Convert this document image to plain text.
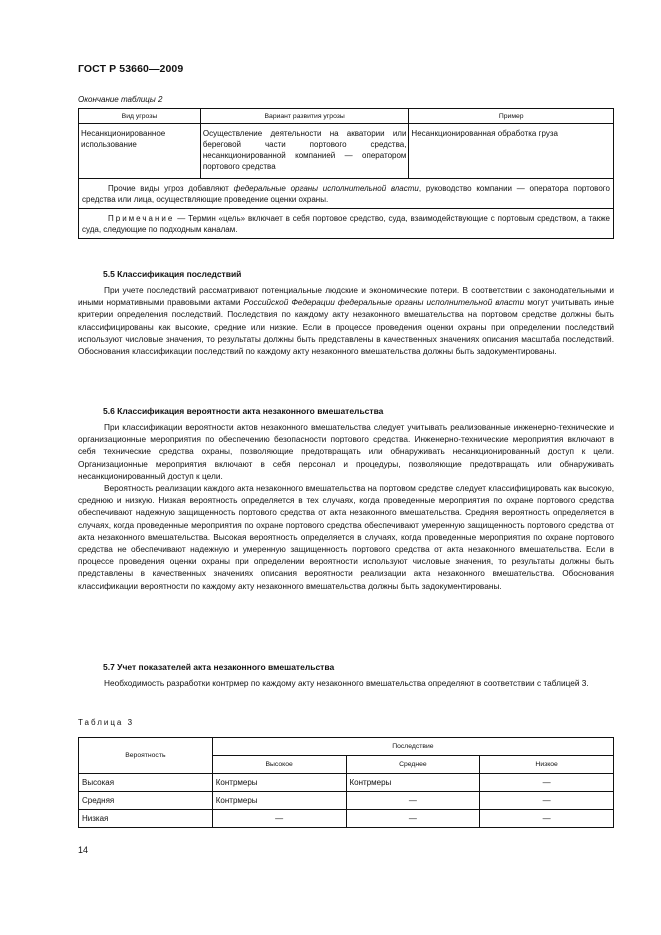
ГОСТ Р 53660—2009
Окончание таблицы 2
Вид угрозы	Вариант развития угрозы	Пример
Несанкционированное использование	Осуществление деятельности на акватории или береговой части портового средства, несанкционированной компанией — оператором портового средства	Несанкционированная обработка груза

Прочие виды угроз добавляют федеральные органы исполнительной власти, руководство компании — оператора портового средства или лица, осуществляющие проведение оценки охраны.		

Примечание — Термин «цель» включает в себя портовое средство, суда, взаимодействующие с портовым средством, а также суда, следующие по подходным каналам.		
5.5 Классификация последствий

При учете последствий рассматривают потенциальные людские и экономические потери. В соответствии с законодательными и иными нормативными правовыми актами Российской Федерации федеральные органы исполнительной власти могут учитывать иные критерии определения последствий. Последствия по каждому акту незаконного вмешательства на портовом средстве должны быть классифицированы как высокие, средние или низкие. Если в процессе проведения оценки охраны при определении последствий используют числовые значения, то результаты должны быть представлены в качественных значениях описания масштаба последствий. Обоснования классификации последствий по каждому акту незаконного вмешательства должны быть задокументированы.

5.6 Классификация вероятности акта незаконного вмешательства

При классификации вероятности актов незаконного вмешательства следует учитывать реализованные инженерно-технические и организационные мероприятия по обеспечению безопасности портового средства. Инженерно-технические мероприятия включают в себя технические средства охраны, позволяющие предотвращать или обнаруживать несанкционированный доступ к цели. Организационные мероприятия включают в себя персонал и процедуры, позволяющие предотвращать или обнаруживать несанкционированный доступ к цели.

Вероятность реализации каждого акта незаконного вмешательства на портовом средстве следует классифицировать как высокую, среднюю и низкую. Низкая вероятность определяется в тех случаях, когда проведенные мероприятия по охране портового средства обеспечивают надежную защищенность портового средства от акта незаконного вмешательства. Средняя вероятность определяется в случаях, когда проведенные мероприятия по охране портового средства обеспечивают умеренную защищенность портового средства от акта незаконного вмешательства. Высокая вероятность определяется в случаях, когда проведенные мероприятия по охране портового средства не обеспечивают надежную и умеренную защищенность портового средства от акта незаконного вмешательства. Если в процессе проведения оценки охраны при определении вероятности используют числовые значения, то результаты должны быть представлены в качественных значениях описания вероятности реализации акта незаконного вмешательства. Обоснования классификации вероятности по каждому акту незаконного вмешательства должны быть задокументированы.

5.7 Учет показателей акта незаконного вмешательства

Необходимость разработки контрмер по каждому акту незаконного вмешательства определяют в соответствии с таблицей 3.

Таблица 3
Вероятность	Последствие		
	Высокое	Среднее	Низкое
Высокая	Контрмеры	Контрмеры	—
Средняя	Контрмеры	—	—
Низкая	—	—	—
14
